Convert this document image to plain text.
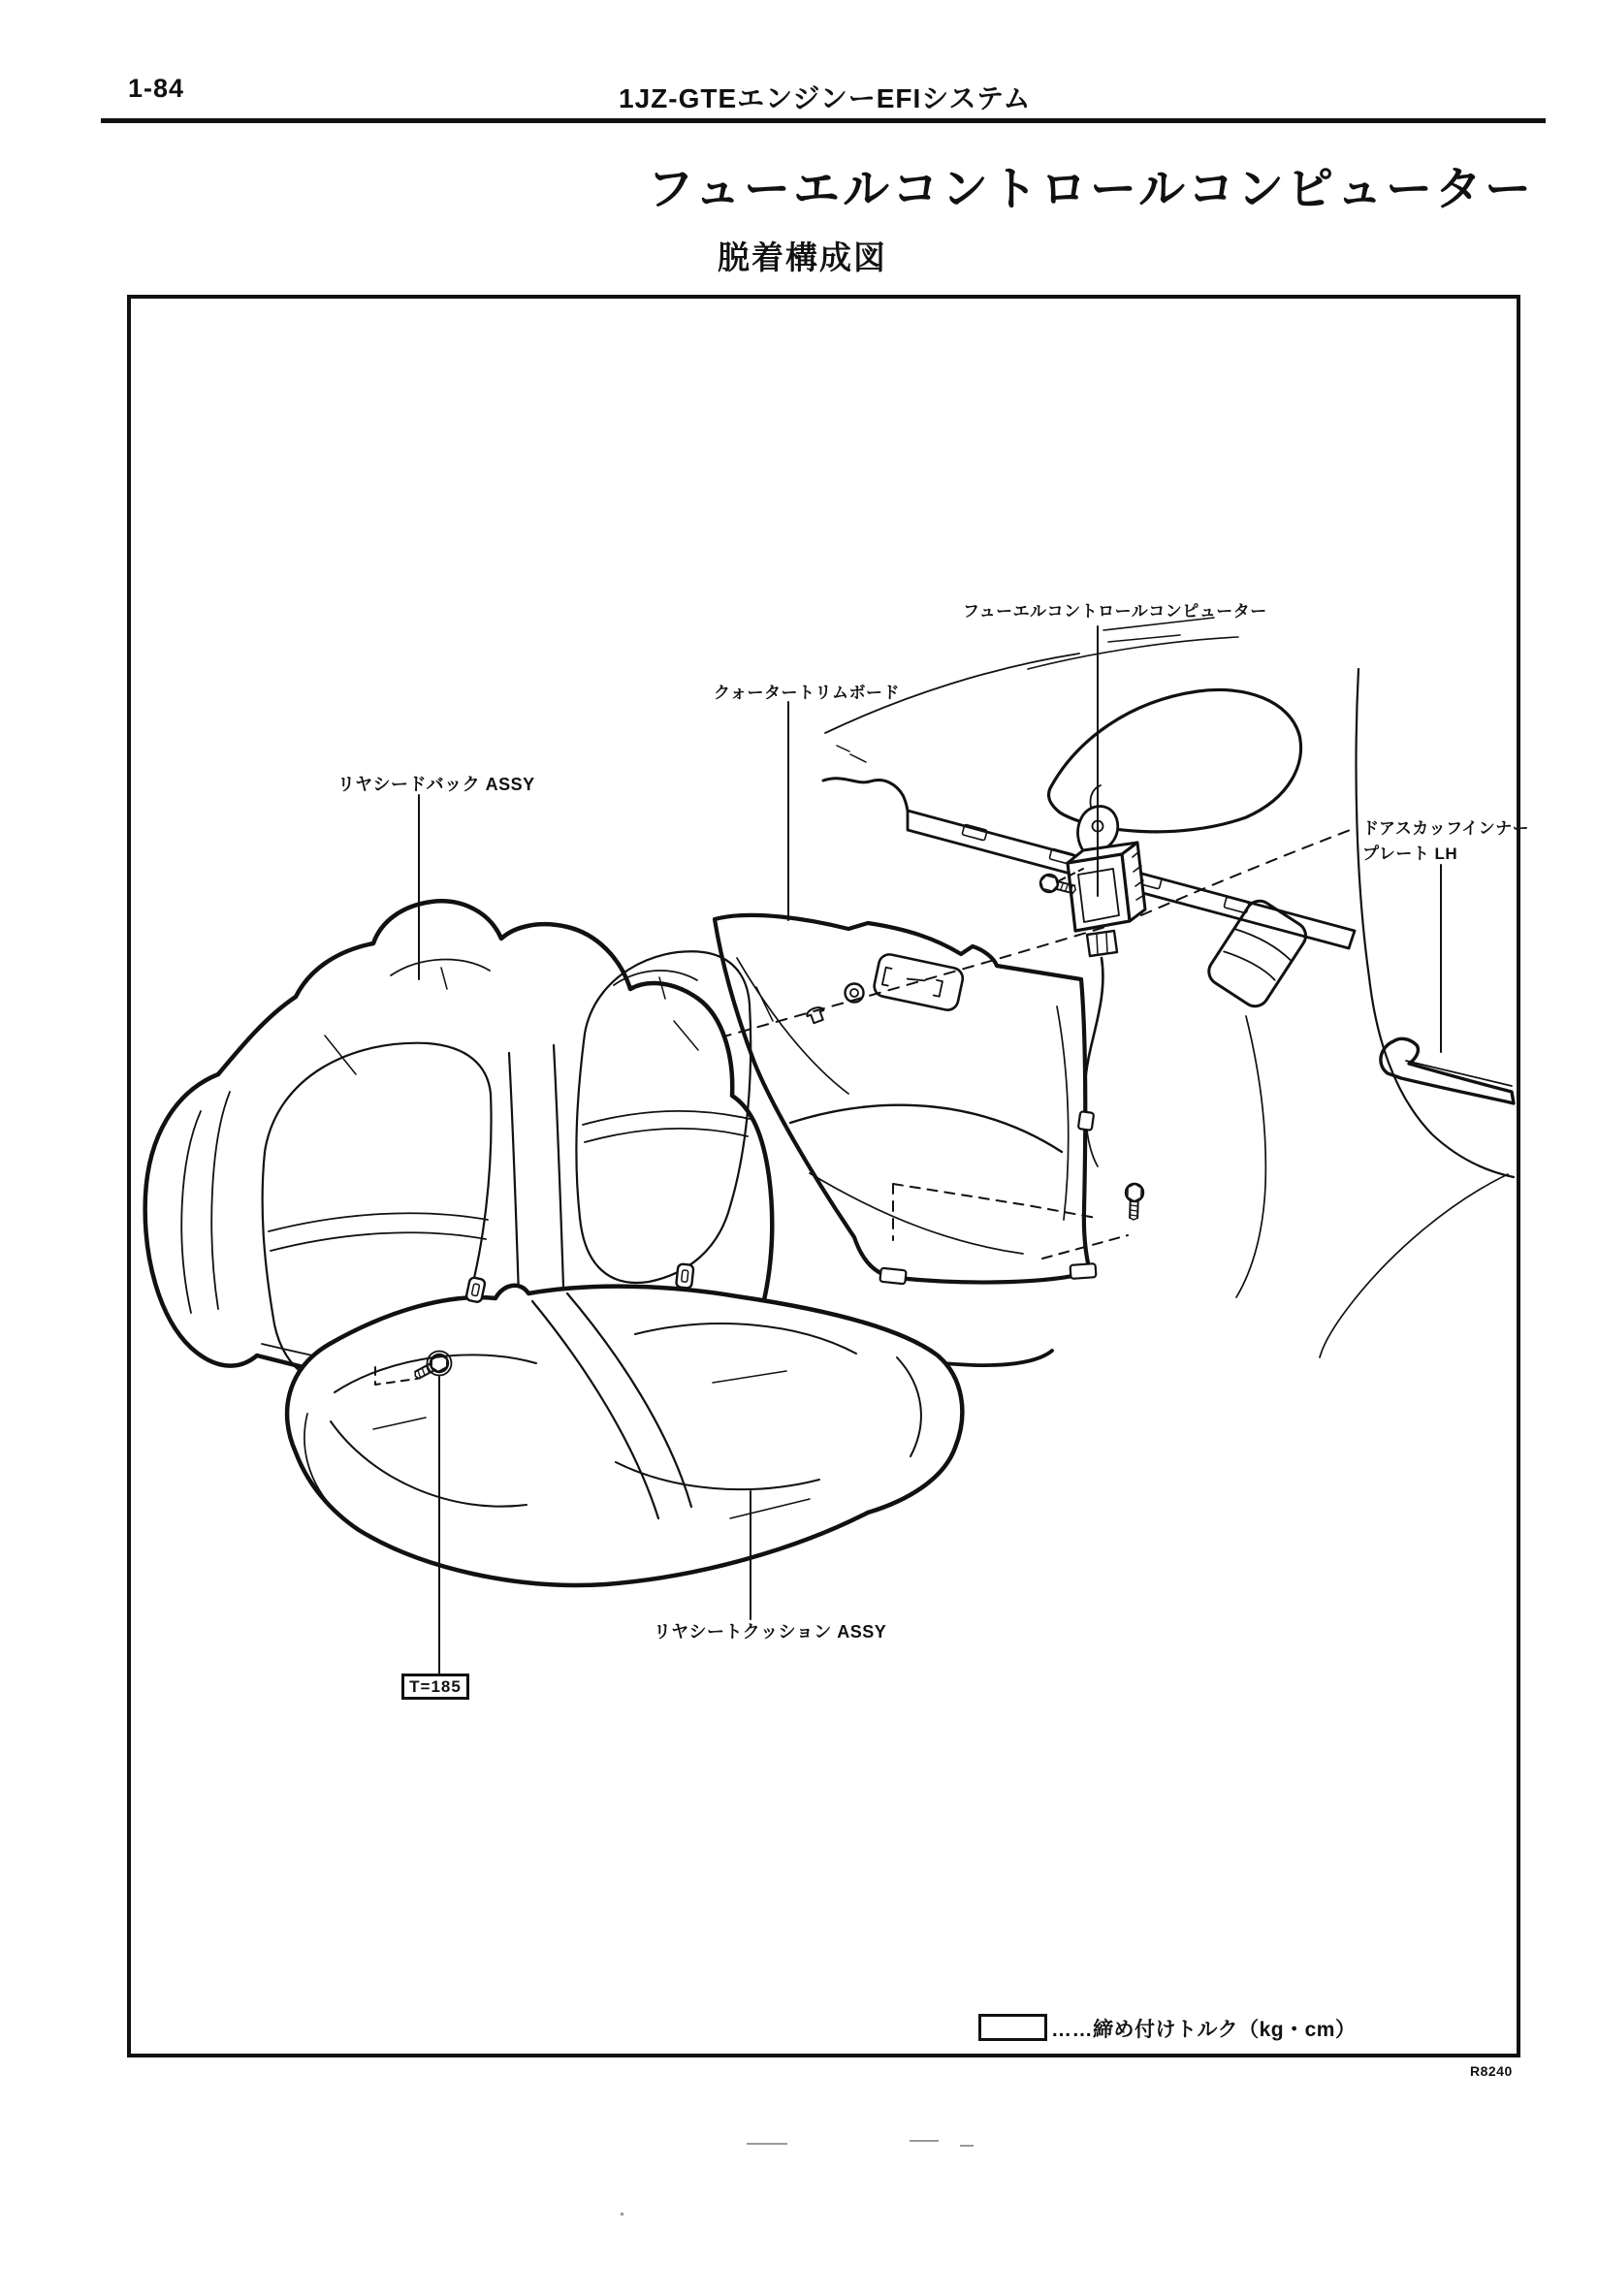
1-84	1JZ-GTEエンジンーEFIシステム
フューエルコントロールコンピューター
脱着構成図
フューエルコントロールコンピューター
クォータートリムボード
リヤシードバック ASSY
ドアスカッフインナー
プレート LH
リヤシートクッション ASSY
T=185
……締め付けトルク（kg・cm）
R8240
